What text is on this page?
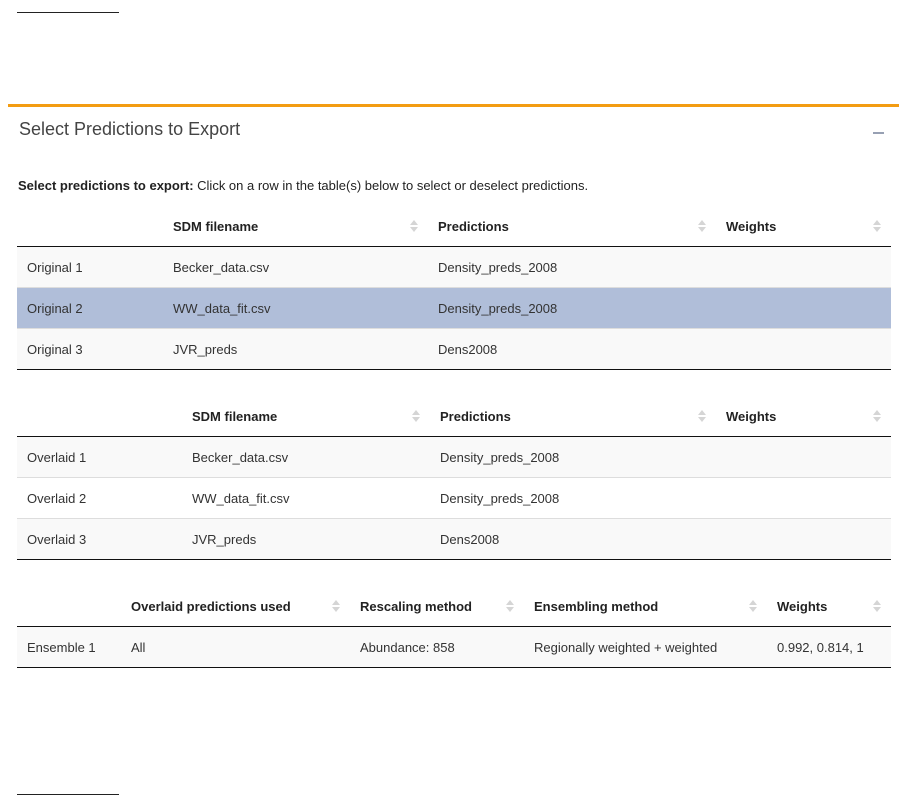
Select Predictions to Export
Select predictions to export: Click on a row in the table(s) below to select or deselect predictions.
	SDM filename	Predictions	Weights

Original 1	Becker_data.csv	Density_preds_2008	
Original 2	WW_data_fit.csv	Density_preds_2008	
Original 3	JVR_preds	Dens2008	
	SDM filename	Predictions	Weights

Overlaid 1	Becker_data.csv	Density_preds_2008	
Overlaid 2	WW_data_fit.csv	Density_preds_2008	
Overlaid 3	JVR_preds	Dens2008	
	Overlaid predictions used	Rescaling method	Ensembling method	Weights

Ensemble 1	All	Abundance: 858	Regionally weighted + weighted	0.992, 0.814, 1
